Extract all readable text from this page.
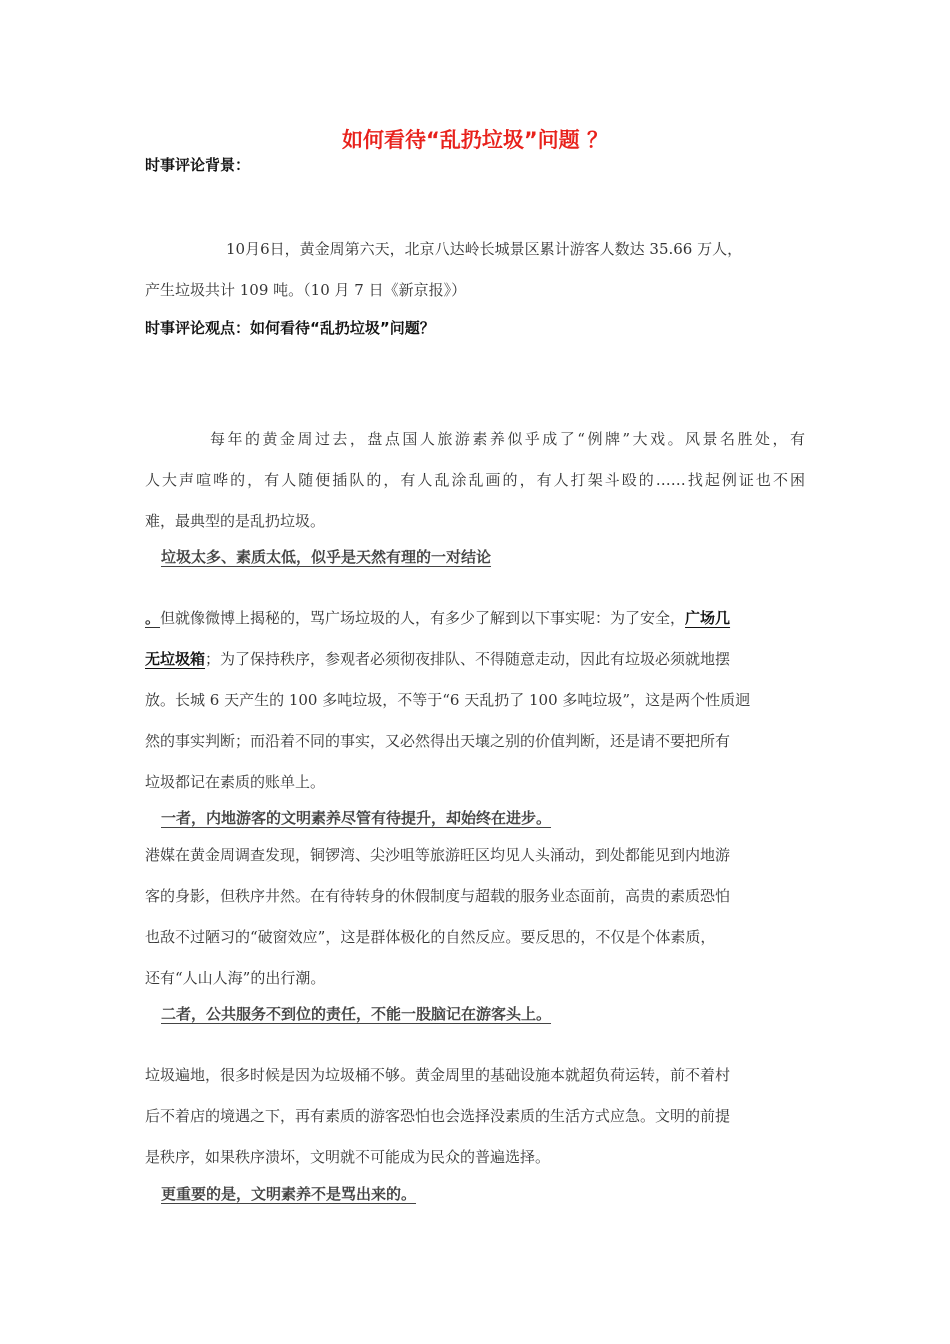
如何看待“乱扔垃圾”问题 ？
时事评论背景：
10月6日，黄金周第六天，北京八达岭长城景区累计游客人数达 35.66 万人，
产生垃圾共计 109 吨。（10 月 7 日《新京报》）
时事评论观点：如何看待“乱扔垃圾”问题？
每年的黄金周过去，盘点国人旅游素养似乎成了“例牌”大戏。风景名胜处，有
人大声喧哗的，有人随便插队的，有人乱涂乱画的，有人打架斗殴的……找起例证也不困
难，最典型的是乱扔垃圾。
垃圾太多、素质太低，似乎是天然有理的一对结论
。但就像微博上揭秘的，骂广场垃圾的人，有多少了解到以下事实呢：为了安全，广场几
无垃圾箱；为了保持秩序，参观者必须彻夜排队、不得随意走动，因此有垃圾必须就地摆
放。长城 6 天产生的 100 多吨垃圾，不等于“6 天乱扔了 100 多吨垃圾”，这是两个性质迥
然的事实判断；而沿着不同的事实，又必然得出天壤之别的价值判断，还是请不要把所有
垃圾都记在素质的账单上。
一者，内地游客的文明素养尽管有待提升，却始终在进步。
港媒在黄金周调查发现，铜锣湾、尖沙咀等旅游旺区均见人头涌动，到处都能见到内地游
客的身影，但秩序井然。在有待转身的休假制度与超载的服务业态面前，高贵的素质恐怕
也敌不过陋习的“破窗效应”，这是群体极化的自然反应。要反思的，不仅是个体素质，
还有“人山人海”的出行潮。
二者，公共服务不到位的责任，不能一股脑记在游客头上。
垃圾遍地，很多时候是因为垃圾桶不够。黄金周里的基础设施本就超负荷运转，前不着村
后不着店的境遇之下，再有素质的游客恐怕也会选择没素质的生活方式应急。文明的前提
是秩序，如果秩序溃坏，文明就不可能成为民众的普遍选择。
更重要的是，文明素养不是骂出来的。
